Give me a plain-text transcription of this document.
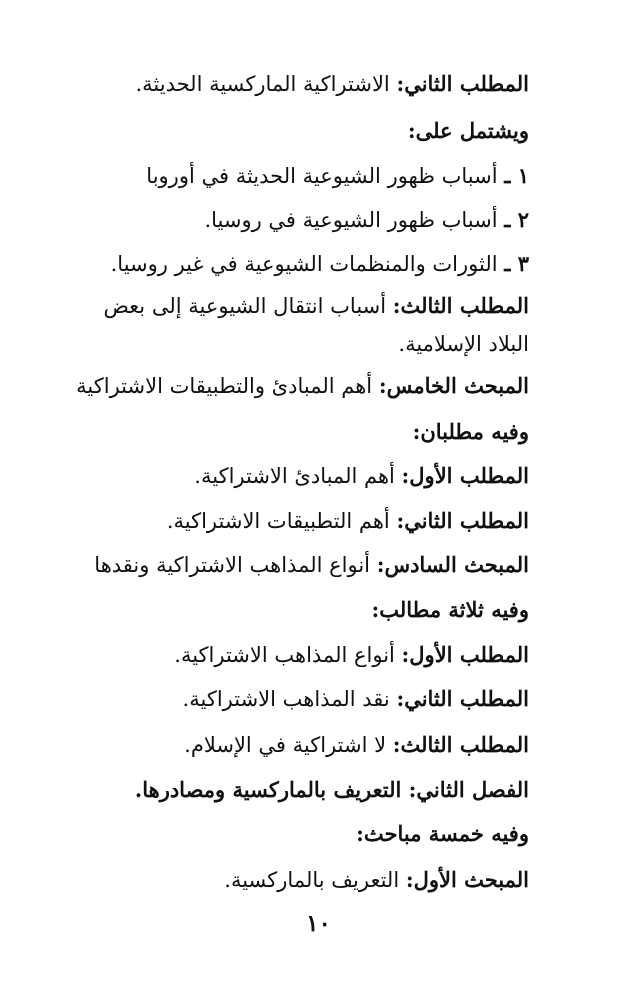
المطلب الثاني: الاشتراكية الماركسية الحديثة.
ويشتمل على:
١ ـ أسباب ظهور الشيوعية الحديثة في أوروبا
٢ ـ أسباب ظهور الشيوعية في روسيا.
٣ ـ الثورات والمنظمات الشيوعية في غير روسيا.
المطلب الثالث: أسباب انتقال الشيوعية إلى بعض البلاد الإسلامية.
المبحث الخامس: أهم المبادئ والتطبيقات الاشتراكية
وفيه مطلبان:
المطلب الأول: أهم المبادئ الاشتراكية.
المطلب الثاني: أهم التطبيقات الاشتراكية.
المبحث السادس: أنواع المذاهب الاشتراكية ونقدها
وفيه ثلاثة مطالب:
المطلب الأول: أنواع المذاهب الاشتراكية.
المطلب الثاني: نقد المذاهب الاشتراكية.
المطلب الثالث: لا اشتراكية في الإسلام.
الفصل الثاني: التعريف بالماركسية ومصادرها.
وفيه خمسة مباحث:
المبحث الأول: التعريف بالماركسية.
١٠
